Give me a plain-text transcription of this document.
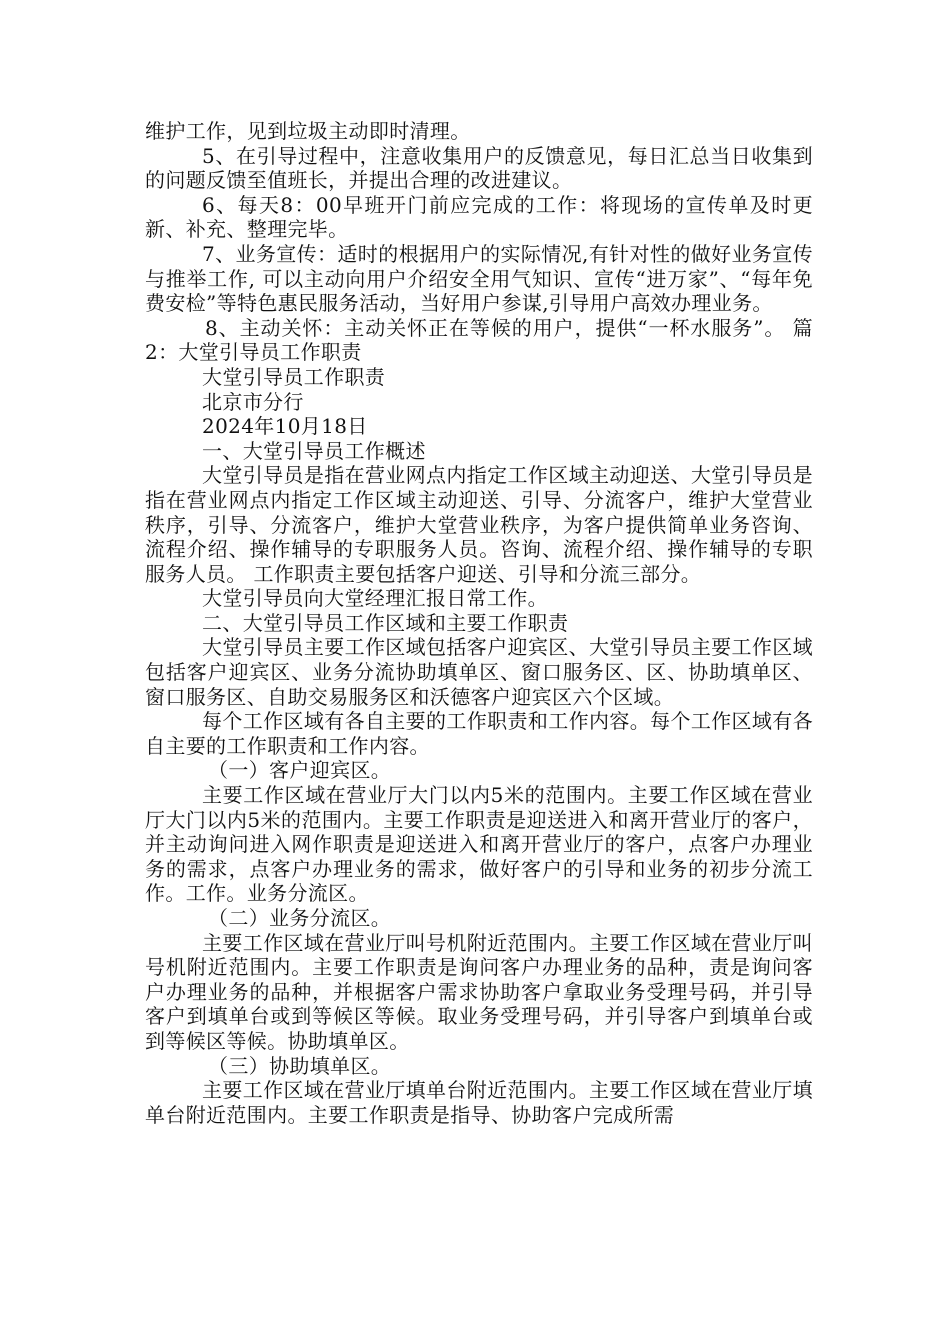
维护工作，见到垃圾主动即时清理。

5、在引导过程中，注意收集用户的反馈意见，每日汇总当日收集到的问题反馈至值班长，并提出合理的改进建议。

6、每天8：00早班开门前应完成的工作：将现场的宣传单及时更新、补充、整理完毕。

7、业务宣传：适时的根据用户的实际情况,有针对性的做好业务宣传与推举工作, 可以主动向用户介绍安全用气知识、宣传“进万家”、“每年免费安检”等特色惠民服务活动，当好用户参谋,引导用户高效办理业务。

8、主动关怀：主动关怀正在等候的用户，提供“一杯水服务”。 篇2：大堂引导员工作职责

大堂引导员工作职责

北京市分行

2024年10月18日

一、大堂引导员工作概述

大堂引导员是指在营业网点内指定工作区域主动迎送、大堂引导员是指在营业网点内指定工作区域主动迎送、引导、分流客户，维护大堂营业秩序，引导、分流客户，维护大堂营业秩序，为客户提供简单业务咨询、流程介绍、操作辅导的专职服务人员。咨询、流程介绍、操作辅导的专职服务人员。 工作职责主要包括客户迎送、引导和分流三部分。

大堂引导员向大堂经理汇报日常工作。

二、大堂引导员工作区域和主要工作职责

大堂引导员主要工作区域包括客户迎宾区、大堂引导员主要工作区域包括客户迎宾区、业务分流协助填单区、窗口服务区、区、协助填单区、窗口服务区、自助交易服务区和沃德客户迎宾区六个区域。

每个工作区域有各自主要的工作职责和工作内容。每个工作区域有各自主要的工作职责和工作内容。

（一）客户迎宾区。

主要工作区域在营业厅大门以内5米的范围内。主要工作区域在营业厅大门以内5米的范围内。主要工作职责是迎送进入和离开营业厅的客户，并主动询问进入网作职责是迎送进入和离开营业厅的客户，点客户办理业务的需求，点客户办理业务的需求，做好客户的引导和业务的初步分流工作。工作。业务分流区。

（二）业务分流区。

主要工作区域在营业厅叫号机附近范围内。主要工作区域在营业厅叫号机附近范围内。主要工作职责是询问客户办理业务的品种，责是询问客户办理业务的品种，并根据客户需求协助客户拿取业务受理号码，并引导客户到填单台或到等候区等候。取业务受理号码，并引导客户到填单台或到等候区等候。协助填单区。

（三）协助填单区。

主要工作区域在营业厅填单台附近范围内。主要工作区域在营业厅填单台附近范围内。主要工作职责是指导、协助客户完成所需
